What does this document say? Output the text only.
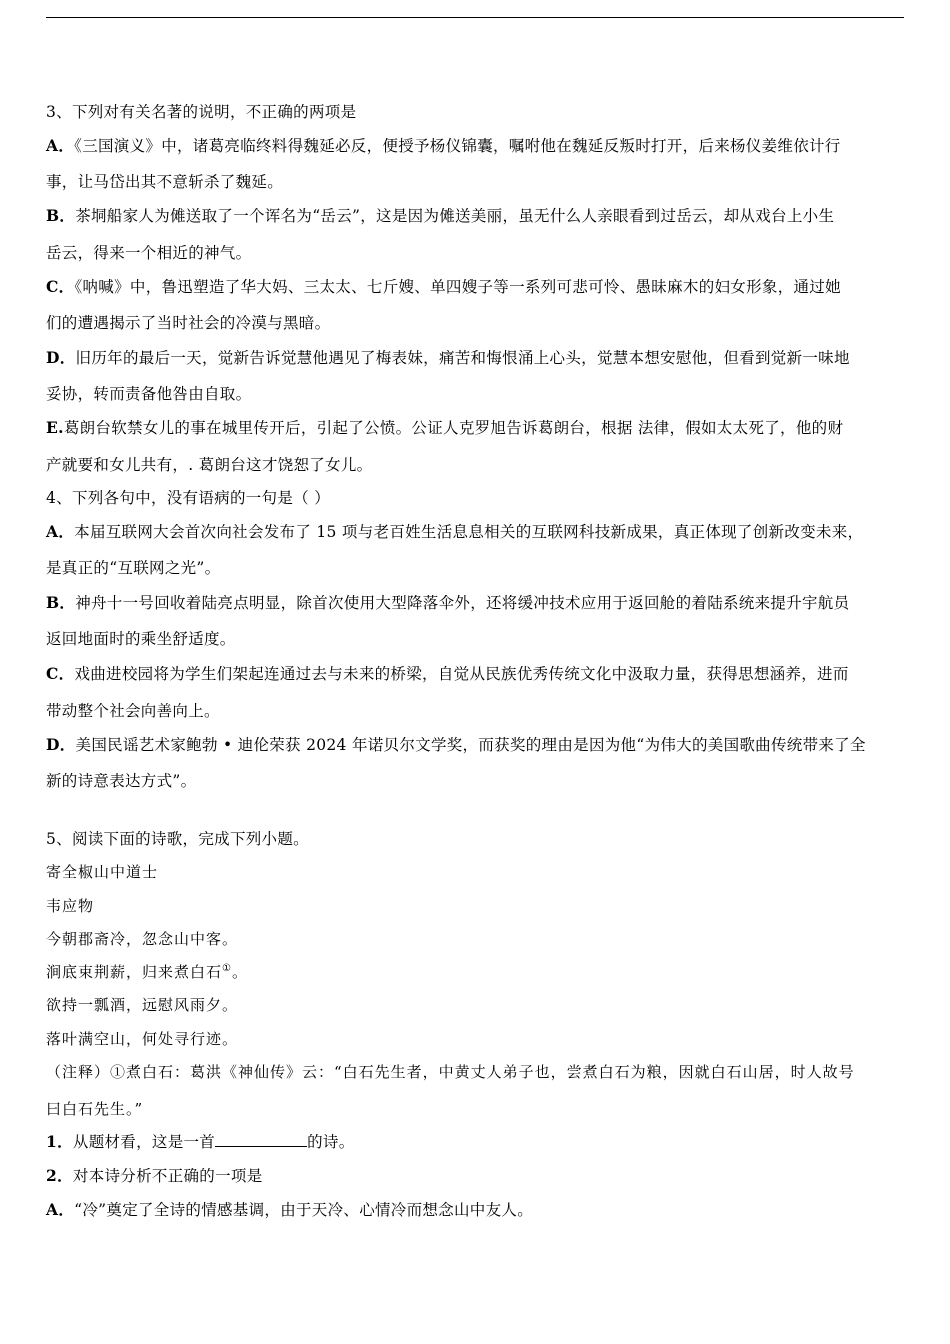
3、下列对有关名著的说明，不正确的两项是
A．《三国演义》中，诸葛亮临终料得魏延必反，便授予杨仪锦囊，嘱咐他在魏延反叛时打开，后来杨仪姜维依计行
事，让马岱出其不意斩杀了魏延。
B．茶垌船家人为傩送取了一个诨名为“岳云”，这是因为傩送美丽，虽无什么人亲眼看到过岳云，却从戏台上小生
岳云，得来一个相近的神气。
C．《呐喊》中，鲁迅塑造了华大妈、三太太、七斤嫂、单四嫂子等一系列可悲可怜、愚昧麻木的妇女形象，通过她
们的遭遇揭示了当时社会的冷漠与黑暗。
D．旧历年的最后一天，觉新告诉觉慧他遇见了梅表妹，痛苦和悔恨涌上心头，觉慧本想安慰他，但看到觉新一味地
妥协，转而责备他咎由自取。
E.葛朗台软禁女儿的事在城里传开后，引起了公愤。公证人克罗旭告诉葛朗台，根据 法律，假如太太死了，他的财
产就要和女儿共有，. 葛朗台这才饶恕了女儿。
4、下列各句中，没有语病的一句是（ ）
A．本届互联网大会首次向社会发布了 15 项与老百姓生活息息相关的互联网科技新成果，真正体现了创新改变未来，
是真正的“互联网之光”。
B．神舟十一号回收着陆亮点明显，除首次使用大型降落伞外，还将缓冲技术应用于返回舱的着陆系统来提升宇航员
返回地面时的乘坐舒适度。
C．戏曲进校园将为学生们架起连通过去与未来的桥梁，自觉从民族优秀传统文化中汲取力量，获得思想涵养，进而
带动整个社会向善向上。
D．美国民谣艺术家鲍勃 • 迪伦荣获 2024 年诺贝尔文学奖，而获奖的理由是因为他“为伟大的美国歌曲传统带来了全
新的诗意表达方式”。
5、阅读下面的诗歌，完成下列小题。
寄全椒山中道士
韦应物
今朝郡斋冷，忽念山中客。
涧底束荆薪，归来煮白石①。
欲持一瓢酒，远慰风雨夕。
落叶满空山，何处寻行迹。
（注释）①煮白石：葛洪《神仙传》云：“白石先生者，中黄丈人弟子也，尝煮白石为粮，因就白石山居，时人故号
曰白石先生。”
1．从题材看，这是一首	的诗。
2．对本诗分析不正确的一项是
A．“冷”奠定了全诗的情感基调，由于天冷、心情冷而想念山中友人。
